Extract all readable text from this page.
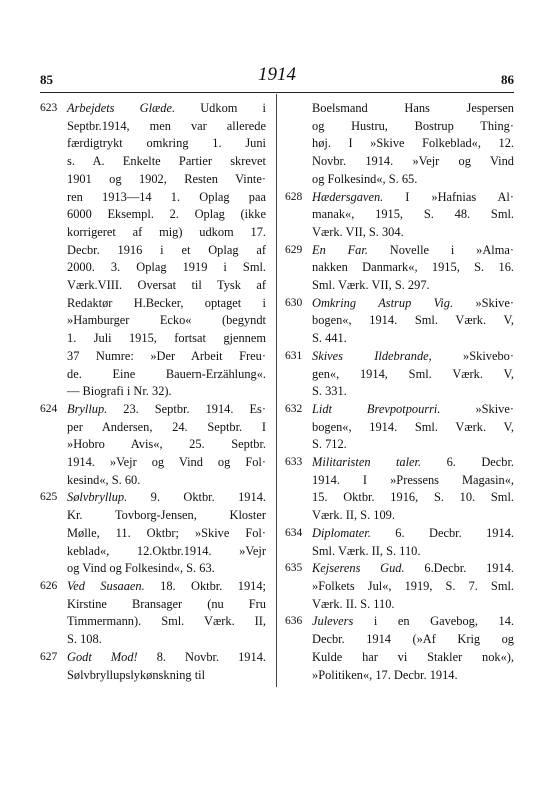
85	1914	86
623 Arbejdets Glæde. Udkom i
Septbr.1914, men var allerede
færdigtrykt omkring 1. Juni
s. A. Enkelte Partier skrevet
1901 og 1902, Resten Vinte·
ren 1913—14 1. Oplag paa
6000 Eksempl. 2. Oplag (ikke
korrigeret af mig) udkom 17.
Decbr. 1916 i et Oplag af
2000. 3. Oplag 1919 i Sml.
Værk.VIII. Oversat til Tysk af
Redaktør H.Becker, optaget i
»Hamburger Ecko« (begyndt
1. Juli 1915, fortsat gjennem
37 Numre: »Der Arbeit Freu·
de. Eine Bauern-Erzählung«.
— Biografi i Nr. 32).
624 Bryllup. 23. Septbr. 1914. Es·
per Andersen, 24. Septbr. I
»Hobro Avis«, 25. Septbr.
1914. »Vejr og Vind og Fol·
kesind«, S. 60.
625 Sølvbryllup. 9. Oktbr. 1914.
Kr. Tovborg-Jensen, Kloster
Mølle, 11. Oktbr; »Skive Fol·
keblad«, 12.Oktbr.1914. »Vejr
og Vind og Folkesind«, S. 63.
626 Ved Susaaen. 18. Oktbr. 1914;
Kirstine Bransager (nu Fru
Timmermann). Sml. Værk. II,
S. 108.
627 Godt Mod! 8. Novbr. 1914.
Sølvbryllupslykønskning til
Boelsmand Hans Jespersen
og Hustru, Bostrup Thing·
høj. I »Skive Folkeblad«, 12.
Novbr. 1914. »Vejr og Vind
og Folkesind«, S. 65.
628 Hædersgaven. I »Hafnias Al·
manak«, 1915, S. 48. Sml.
Værk. VII, S. 304.
629 En Far. Novelle i »Alma·
nakken Danmark«, 1915, S. 16.
Sml. Værk. VII, S. 297.
630 Omkring Astrup Vig. »Skive·
bogen«, 1914. Sml. Værk. V,
S. 441.
631 Skives Ildebrande, »Skivebo·
gen«, 1914, Sml. Værk. V,
S. 331.
632 Lidt Brevpotpourri. »Skive·
bogen«, 1914. Sml. Værk. V,
S. 712.
633 Militaristen taler. 6. Decbr.
1914. I »Pressens Magasin«,
15. Oktbr. 1916, S. 10. Sml.
Værk. II, S. 109.
634 Diplomater. 6. Decbr. 1914.
Sml. Værk. II, S. 110.
635 Kejserens Gud. 6.Decbr. 1914.
»Folkets Jul«, 1919, S. 7. Sml.
Værk. II. S. 110.
636 Julevers i en Gavebog, 14.
Decbr. 1914 (»Af Krig og
Kulde har vi Stakler nok«),
»Politiken«, 17. Decbr. 1914.
